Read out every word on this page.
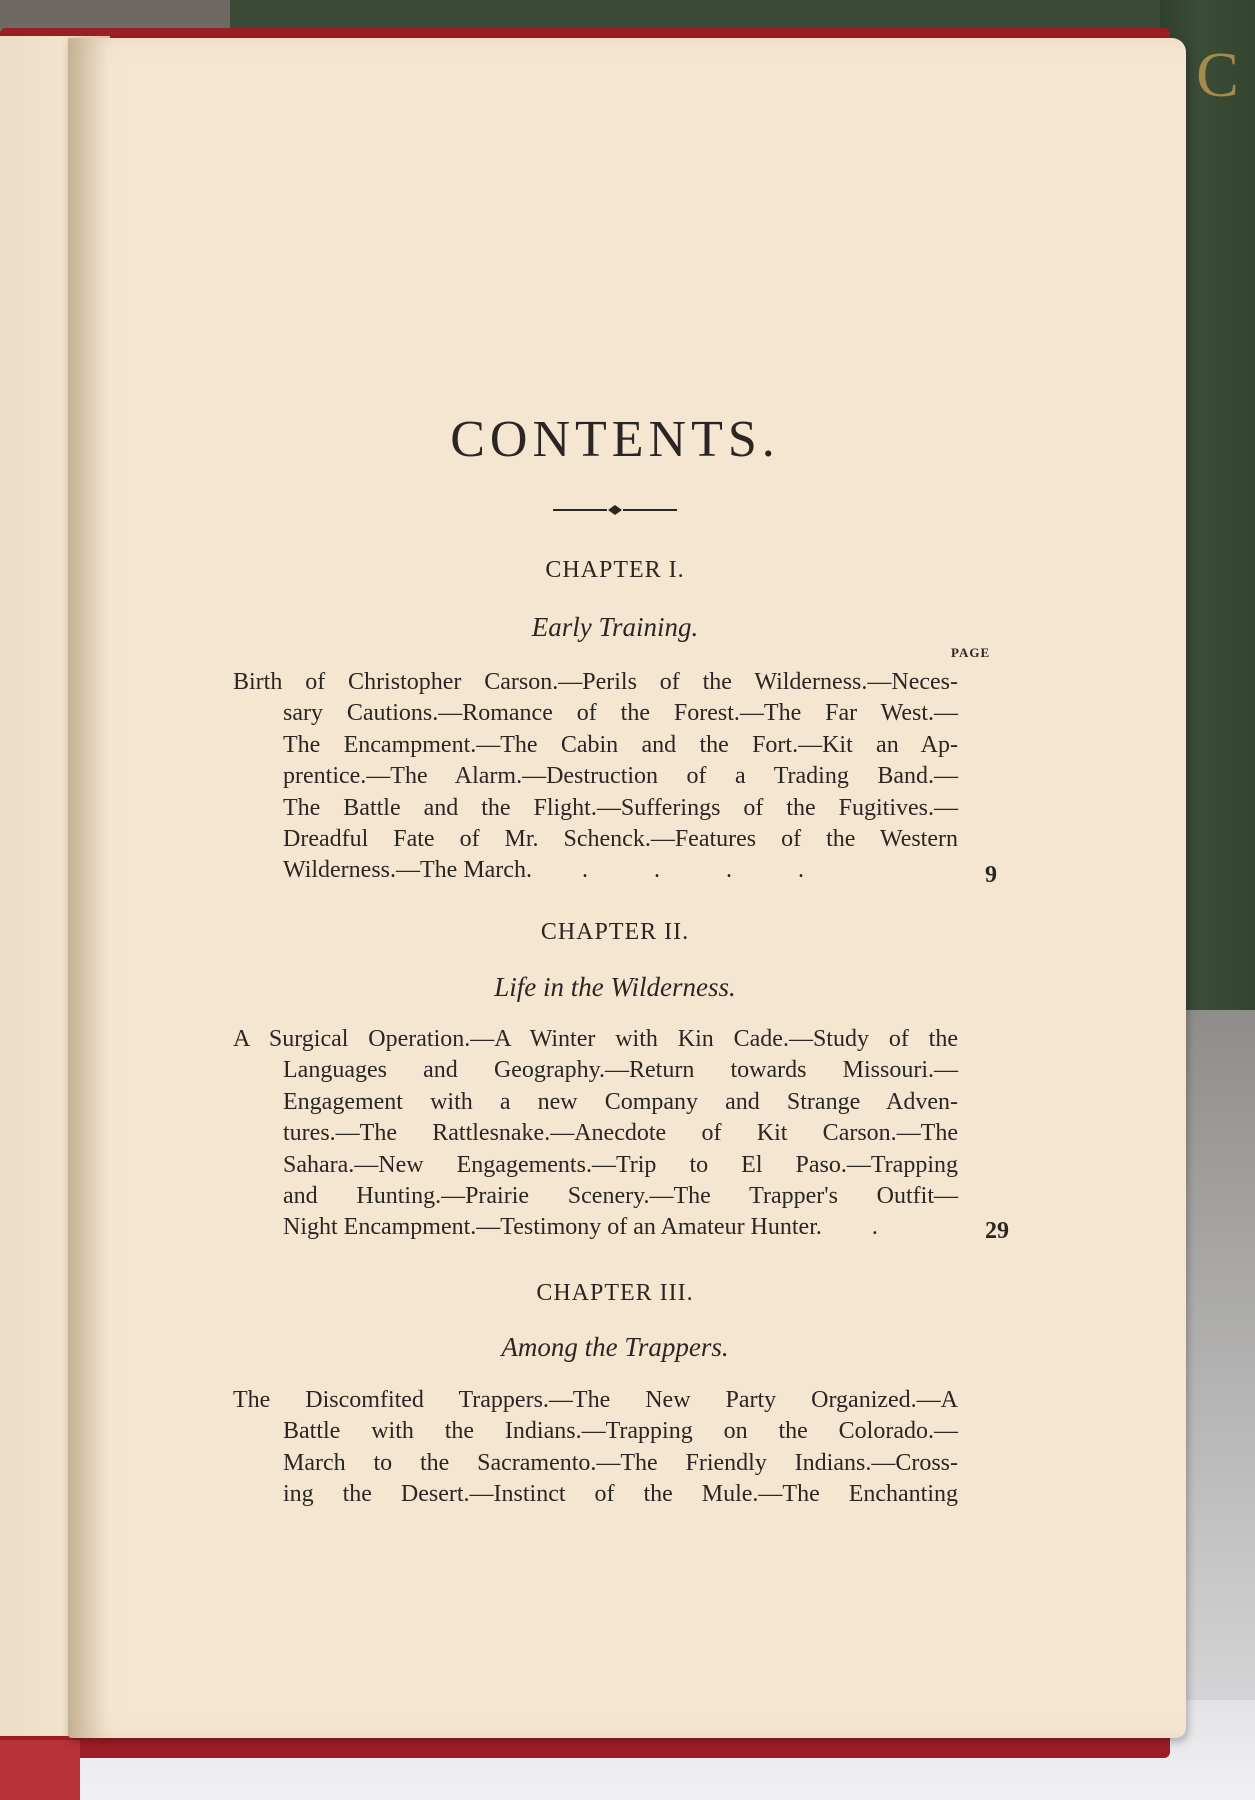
C
CONTENTS.
CHAPTER I.
Early Training.
PAGE
Birth of Christopher Carson.—Perils of the Wilderness.—Neces-
sary Cautions.—Romance of the Forest.—The Far West.—
The Encampment.—The Cabin and the Fort.—Kit an Ap-
prentice.—The Alarm.—Destruction of a Trading Band.—
The Battle and the Flight.—Sufferings of the Fugitives.—
Dreadful Fate of Mr. Schenck.—Features of the Western
Wilderness.—The March. . . . .	9
CHAPTER II.
Life in the Wilderness.
A Surgical Operation.—A Winter with Kin Cade.—Study of the
Languages and Geography.—Return towards Missouri.—
Engagement with a new Company and Strange Adven-
tures.—The Rattlesnake.—Anecdote of Kit Carson.—The
Sahara.—New Engagements.—Trip to El Paso.—Trapping
and Hunting.—Prairie Scenery.—The Trapper's Outfit—
Night Encampment.—Testimony of an Amateur Hunter. .	29
CHAPTER III.
Among the Trappers.
The Discomfited Trappers.—The New Party Organized.—A
Battle with the Indians.—Trapping on the Colorado.—
March to the Sacramento.—The Friendly Indians.—Cross-
ing the Desert.—Instinct of the Mule.—The Enchanting
